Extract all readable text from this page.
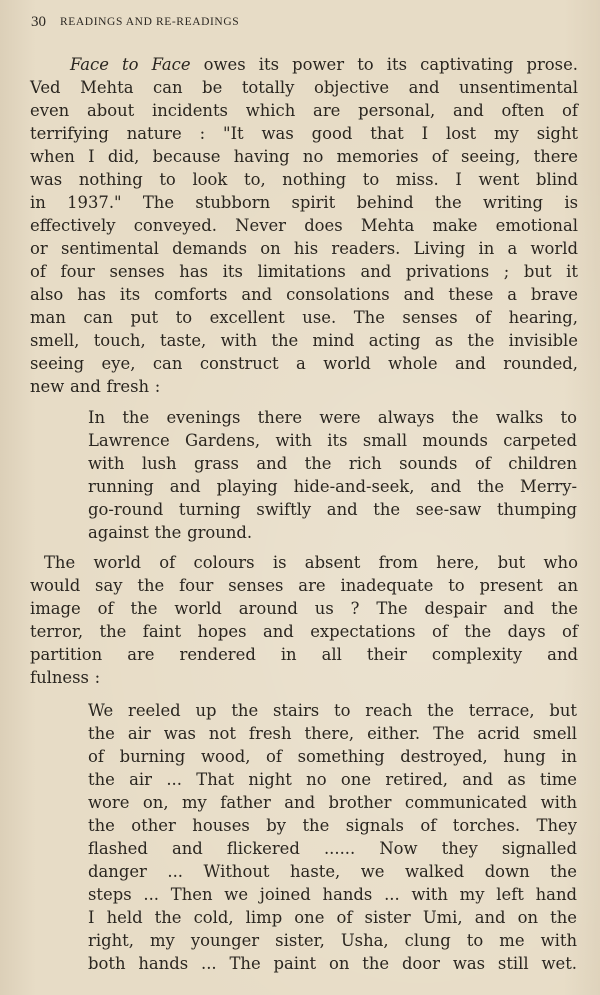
30 READINGS AND RE-READINGS
Face to Face owes its power to its captivating prose.
Ved Mehta can be totally objective and unsentimental
even about incidents which are personal, and often of
terrifying nature : "It was good that I lost my sight
when I did, because having no memories of seeing, there
was nothing to look to, nothing to miss. I went blind
in 1937." The stubborn spirit behind the writing is
effectively conveyed. Never does Mehta make emotional
or sentimental demands on his readers. Living in a world
of four senses has its limitations and privations ; but it
also has its comforts and consolations and these a brave
man can put to excellent use. The senses of hearing,
smell, touch, taste, with the mind acting as the invisible
seeing eye, can construct a world whole and rounded,
new and fresh :
In the evenings there were always the walks to
Lawrence Gardens, with its small mounds carpeted
with lush grass and the rich sounds of children
running and playing hide-and-seek, and the Merry-
go-round turning swiftly and the see-saw thumping
against the ground.
The world of colours is absent from here, but who
would say the four senses are inadequate to present an
image of the world around us ? The despair and the
terror, the faint hopes and expectations of the days of
partition are rendered in all their complexity and
fulness :
We reeled up the stairs to reach the terrace, but
the air was not fresh there, either. The acrid smell
of burning wood, of something destroyed, hung in
the air ... That night no one retired, and as time
wore on, my father and brother communicated with
the other houses by the signals of torches. They
flashed and flickered ...... Now they signalled
danger ... Without haste, we walked down the
steps ... Then we joined hands ... with my left hand
I held the cold, limp one of sister Umi, and on the
right, my younger sister, Usha, clung to me with
both hands ... The paint on the door was still wet.
